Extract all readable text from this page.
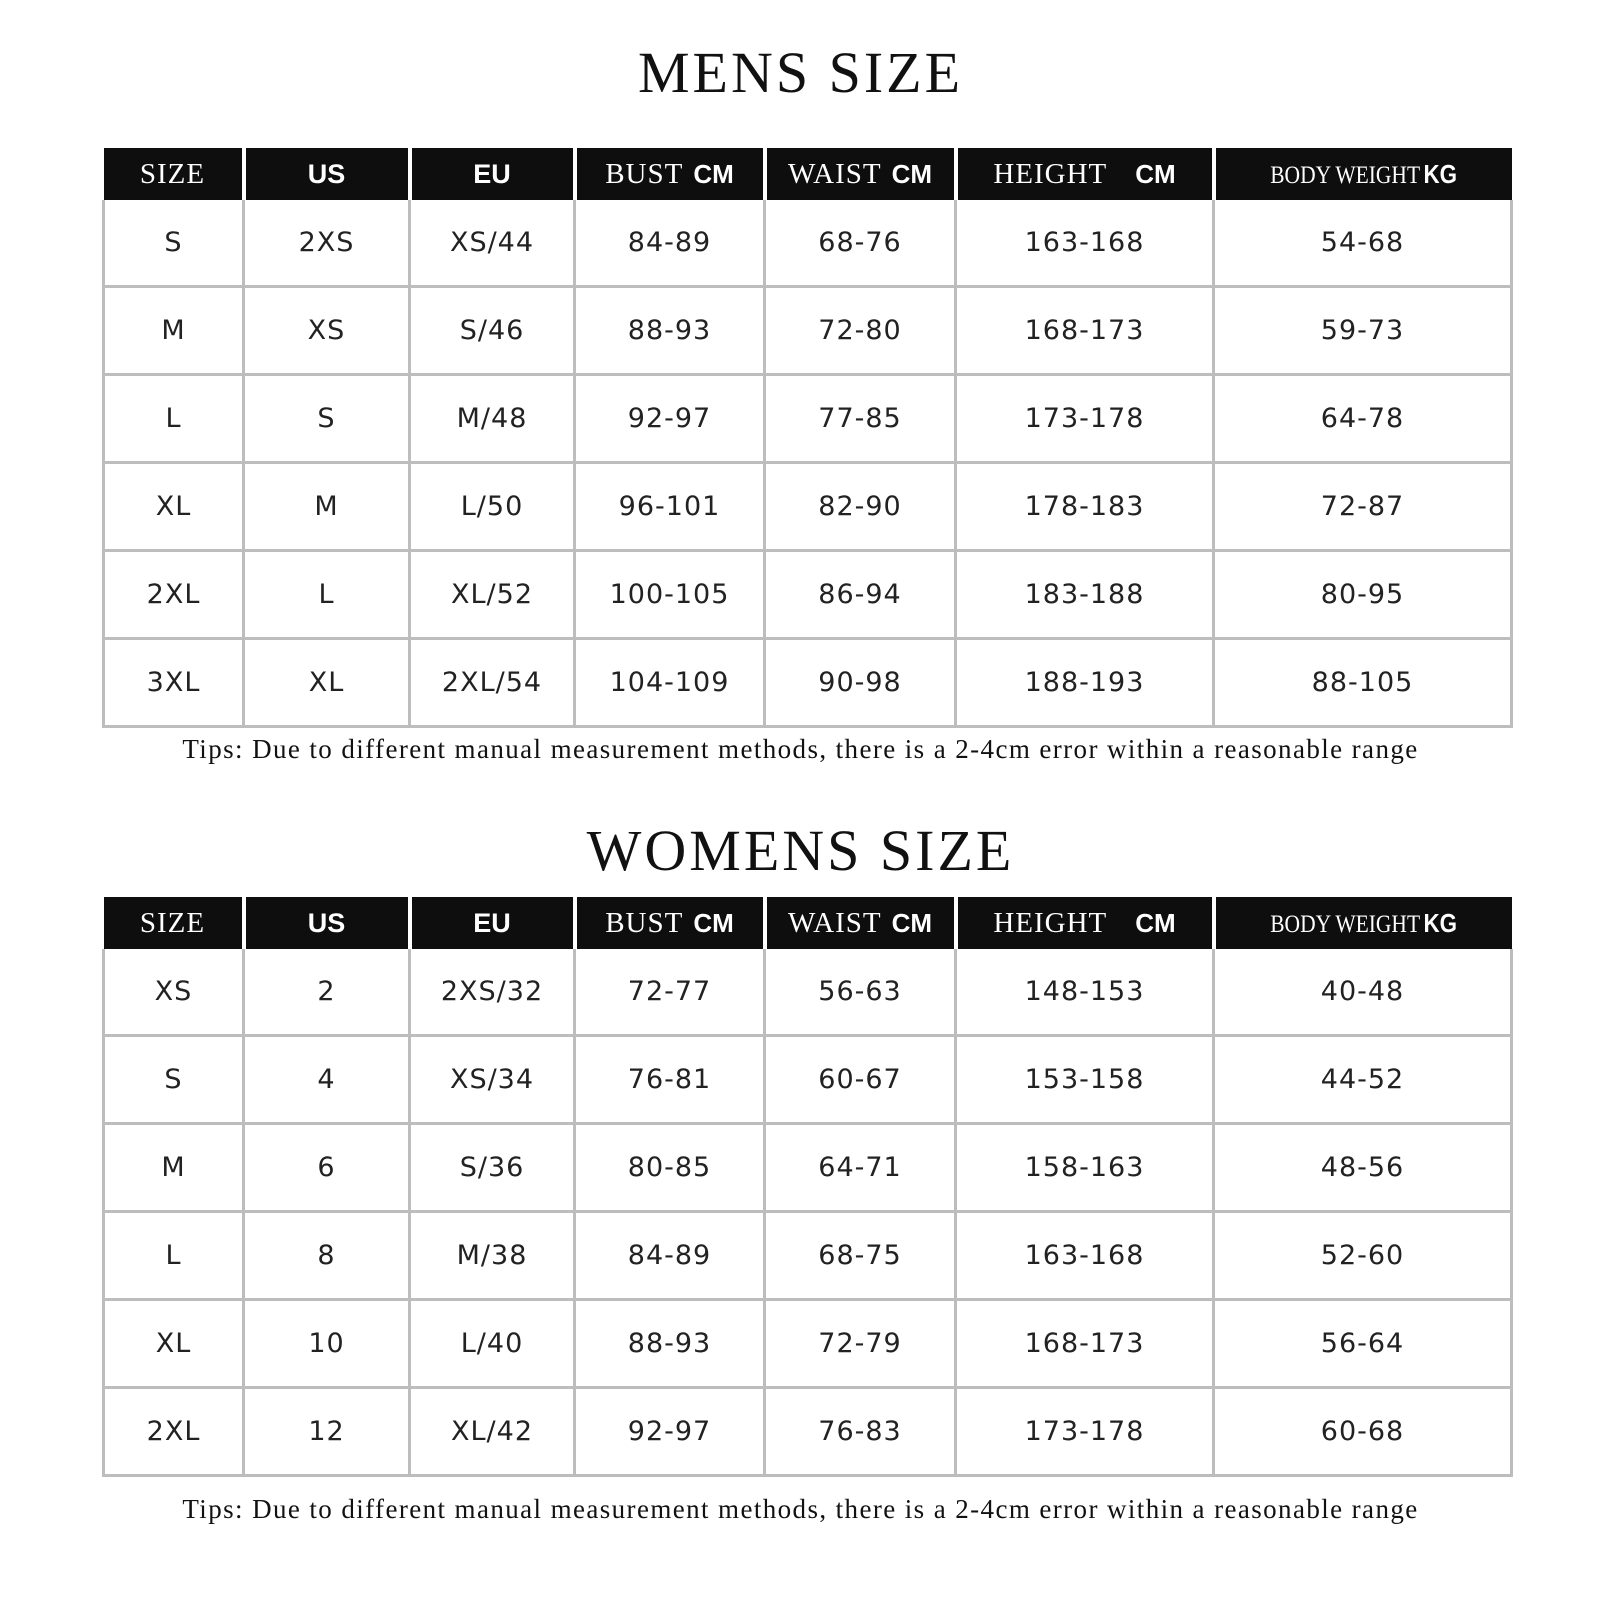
MENS SIZE
SIZE	US	EU	BUST CM	WAIST CM	HEIGHT CM	BODY WEIGHT KG
S	2XS	XS/44	84-89	68-76	163-168	54-68
M	XS	S/46	88-93	72-80	168-173	59-73
L	S	M/48	92-97	77-85	173-178	64-78
XL	M	L/50	96-101	82-90	178-183	72-87
2XL	L	XL/52	100-105	86-94	183-188	80-95
3XL	XL	2XL/54	104-109	90-98	188-193	88-105
Tips: Due to different manual measurement methods, there is a 2-4cm error within a reasonable range
WOMENS SIZE
SIZE	US	EU	BUST CM	WAIST CM	HEIGHT CM	BODY WEIGHT KG
XS	2	2XS/32	72-77	56-63	148-153	40-48
S	4	XS/34	76-81	60-67	153-158	44-52
M	6	S/36	80-85	64-71	158-163	48-56
L	8	M/38	84-89	68-75	163-168	52-60
XL	10	L/40	88-93	72-79	168-173	56-64
2XL	12	XL/42	92-97	76-83	173-178	60-68
Tips: Due to different manual measurement methods, there is a 2-4cm error within a reasonable range
